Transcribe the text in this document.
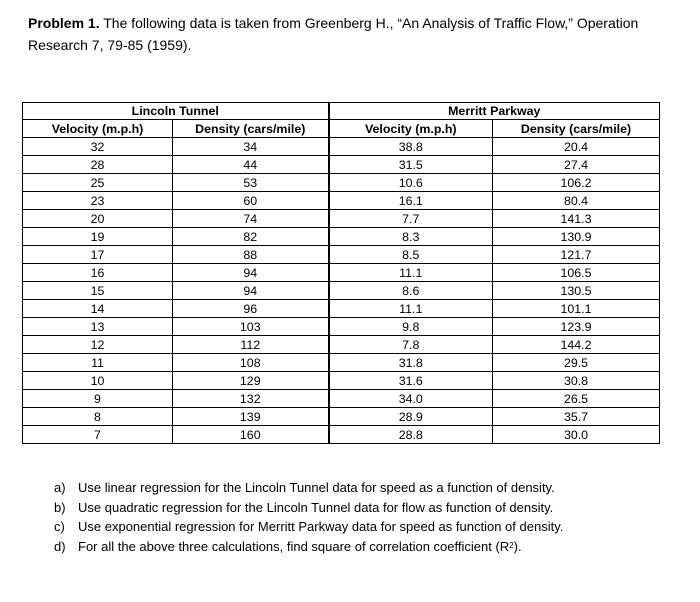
Problem 1. The following data is taken from Greenberg H., “An Analysis of Traffic Flow,” Operation Research 7, 79-85 (1959).
Lincoln Tunnel		Merritt Parkway	
Velocity (m.p.h)	Density (cars/mile)	Velocity (m.p.h)	Density (cars/mile)
32	34	38.8	20.4
28	44	31.5	27.4
25	53	10.6	106.2
23	60	16.1	80.4
20	74	7.7	141.3
19	82	8.3	130.9
17	88	8.5	121.7
16	94	11.1	106.5
15	94	8.6	130.5
14	96	11.1	101.1
13	103	9.8	123.9
12	112	7.8	144.2
11	108	31.8	29.5
10	129	31.6	30.8
9	132	34.0	26.5
8	139	28.9	35.7
7	160	28.8	30.0
a) Use linear regression for the Lincoln Tunnel data for speed as a function of density.
b) Use quadratic regression for the Lincoln Tunnel data for flow as function of density.
c)	Use exponential regression for Merritt Parkway data for speed as function of density.
d) For all the above three calculations, find square of correlation coefficient $(R^2)$.
